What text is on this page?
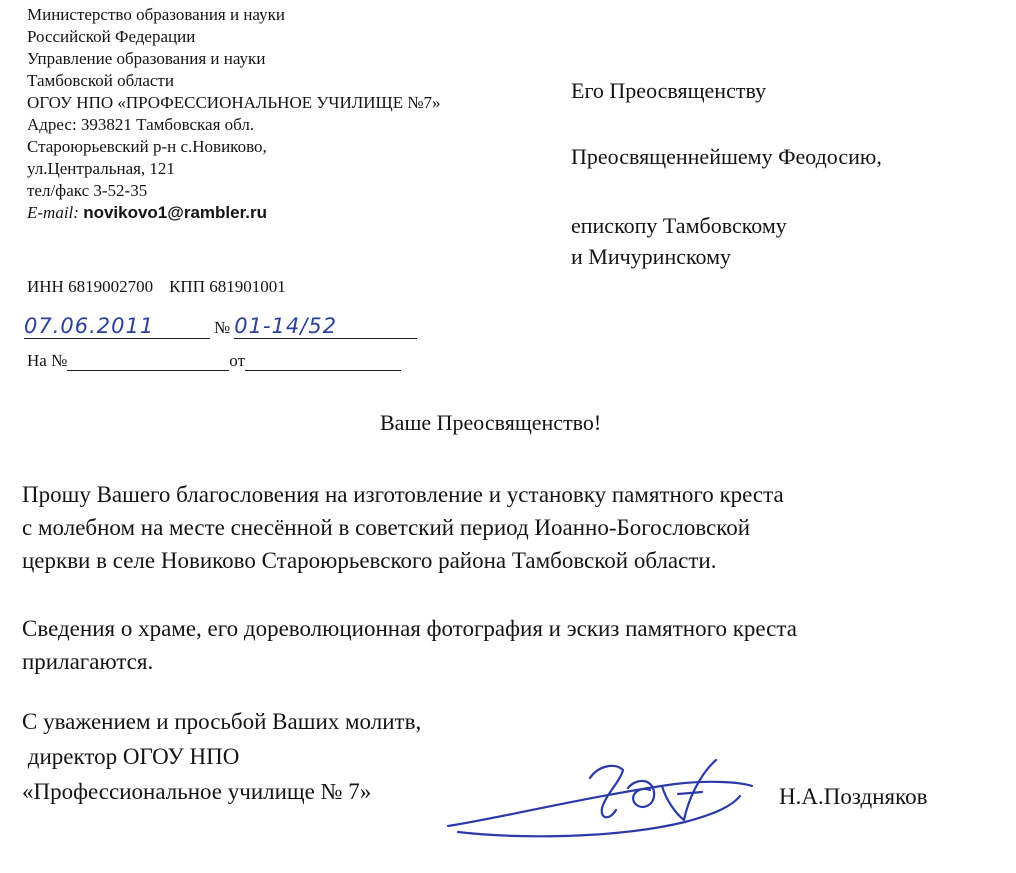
Министерство образования и науки
Российской Федерации
Управление образования и науки
Тамбовской области
ОГОУ НПО «ПРОФЕССИОНАЛЬНОЕ УЧИЛИЩЕ №7»
Адрес: 393821 Тамбовская обл.
Староюрьевский р-н с.Новиково,
ул.Центральная, 121
тел/факс 3-52-35
E-mail: novikovo1@rambler.ru
ИНН 6819002700 КПП 681901001
07.06.2011	№ 01-14/52
На №	от
Его Преосвященству
Преосвященнейшему Феодосию,
епископу Тамбовскому
и Мичуринскому
Ваше Преосвященство!
Прошу Вашего благословения на изготовление и установку памятного креста
с молебном на месте снесённой в советский период Иоанно-Богословской
церкви в селе Новиково Староюрьевского района Тамбовской области.
Сведения о храме, его дореволюционная фотография и эскиз памятного креста
прилагаются.
С уважением и просьбой Ваших молитв,
директор ОГОУ НПО
«Профессиональное училище № 7»	Н.А.Поздняков
